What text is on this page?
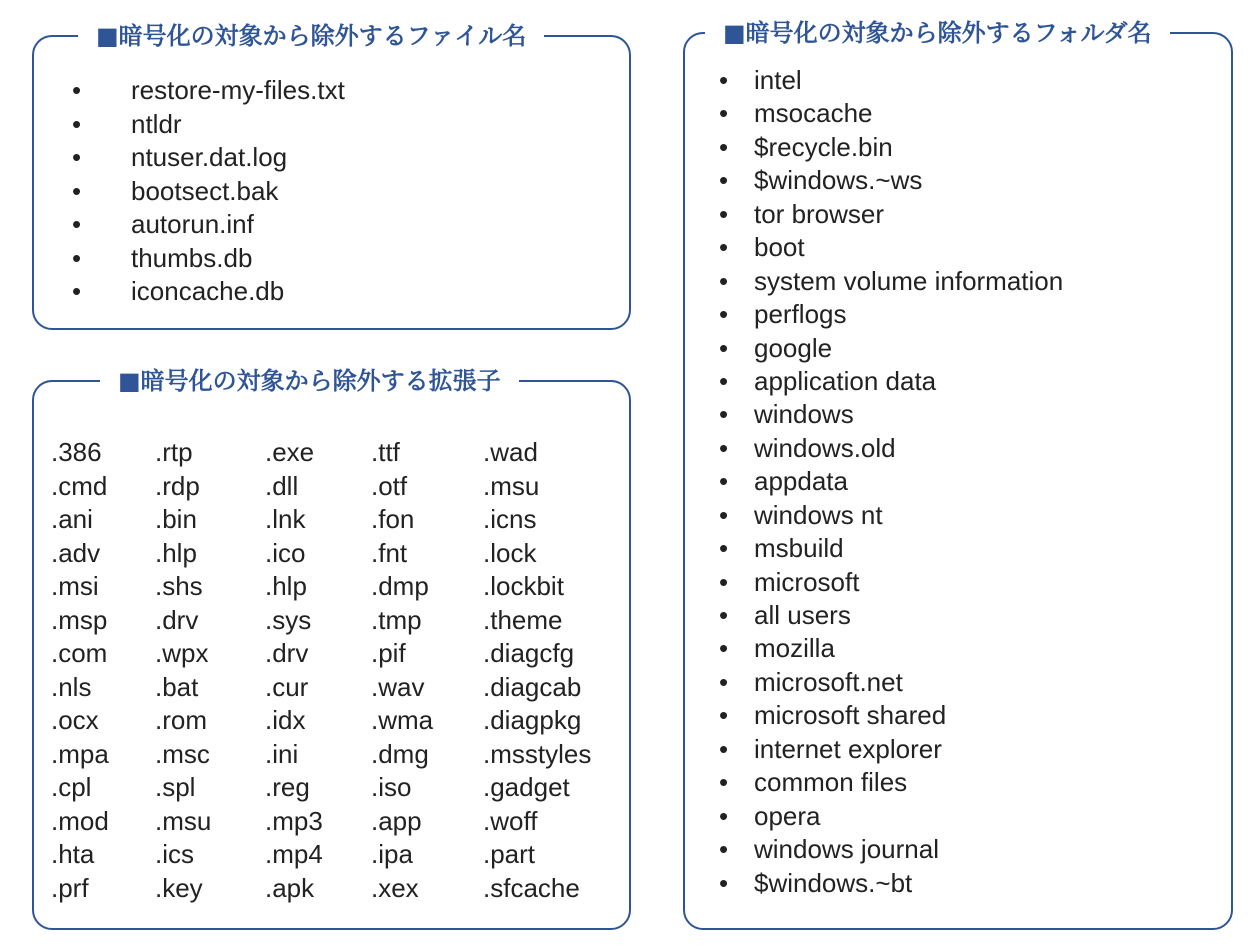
■暗号化の対象から除外するファイル名
• restore-my-files.txt
• ntldr
• ntuser.dat.log
• bootsect.bak
• autorun.inf
• thumbs.db
• iconcache.db
■暗号化の対象から除外する拡張子
.386
.cmd
.ani
.adv
.msi
.msp
.com
.nls
.ocx
.mpa
.cpl
.mod
.hta
.prf
.rtp
.rdp
.bin
.hlp
.shs
.drv
.wpx
.bat
.rom
.msc
.spl
.msu
.ics
.key
.exe
.dll
.lnk
.ico
.hlp
.sys
.drv
.cur
.idx
.ini
.reg
.mp3
.mp4
.apk
.ttf
.otf
.fon
.fnt
.dmp
.tmp
.pif
.wav
.wma
.dmg
.iso
.app
.ipa
.xex
.wad
.msu
.icns
.lock
.lockbit
.theme
.diagcfg
.diagcab
.diagpkg
.msstyles
.gadget
.woff
.part
.sfcache
■暗号化の対象から除外するフォルダ名
• intel
• msocache
• $recycle.bin
• $windows.~ws
• tor browser
• boot
• system volume information
• perflogs
• google
• application data
• windows
• windows.old
• appdata
• windows nt
• msbuild
• microsoft
• all users
• mozilla
• microsoft.net
• microsoft shared
• internet explorer
• common files
• opera
• windows journal
• $windows.~bt
